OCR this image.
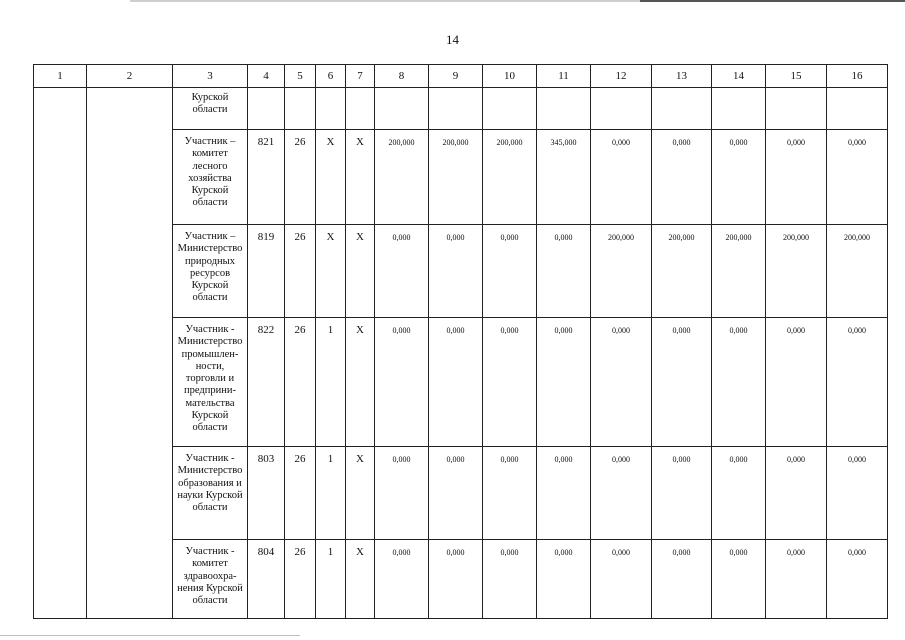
14
1	2	3	4	5	6	7	8	9	10	11	12	13	14	15	16
		Курской области													
		Участник – комитет лесного хозяйства Курской области	821	26	X	X	200,000	200,000	200,000	345,000	0,000	0,000	0,000	0,000	0,000
		Участник – Министерство природных ресурсов Курской области	819	26	X	X	0,000	0,000	0,000	0,000	200,000	200,000	200,000	200,000	200,000
		Участник - Министерство промышлен-ности, торговли и предприни-мательства Курской области	822	26	1	X	0,000	0,000	0,000	0,000	0,000	0,000	0,000	0,000	0,000
		Участник - Министерство образования и науки Курской области	803	26	1	X	0,000	0,000	0,000	0,000	0,000	0,000	0,000	0,000	0,000
		Участник - комитет здравоохра-нения Курской области	804	26	1	X	0,000	0,000	0,000	0,000	0,000	0,000	0,000	0,000	0,000
